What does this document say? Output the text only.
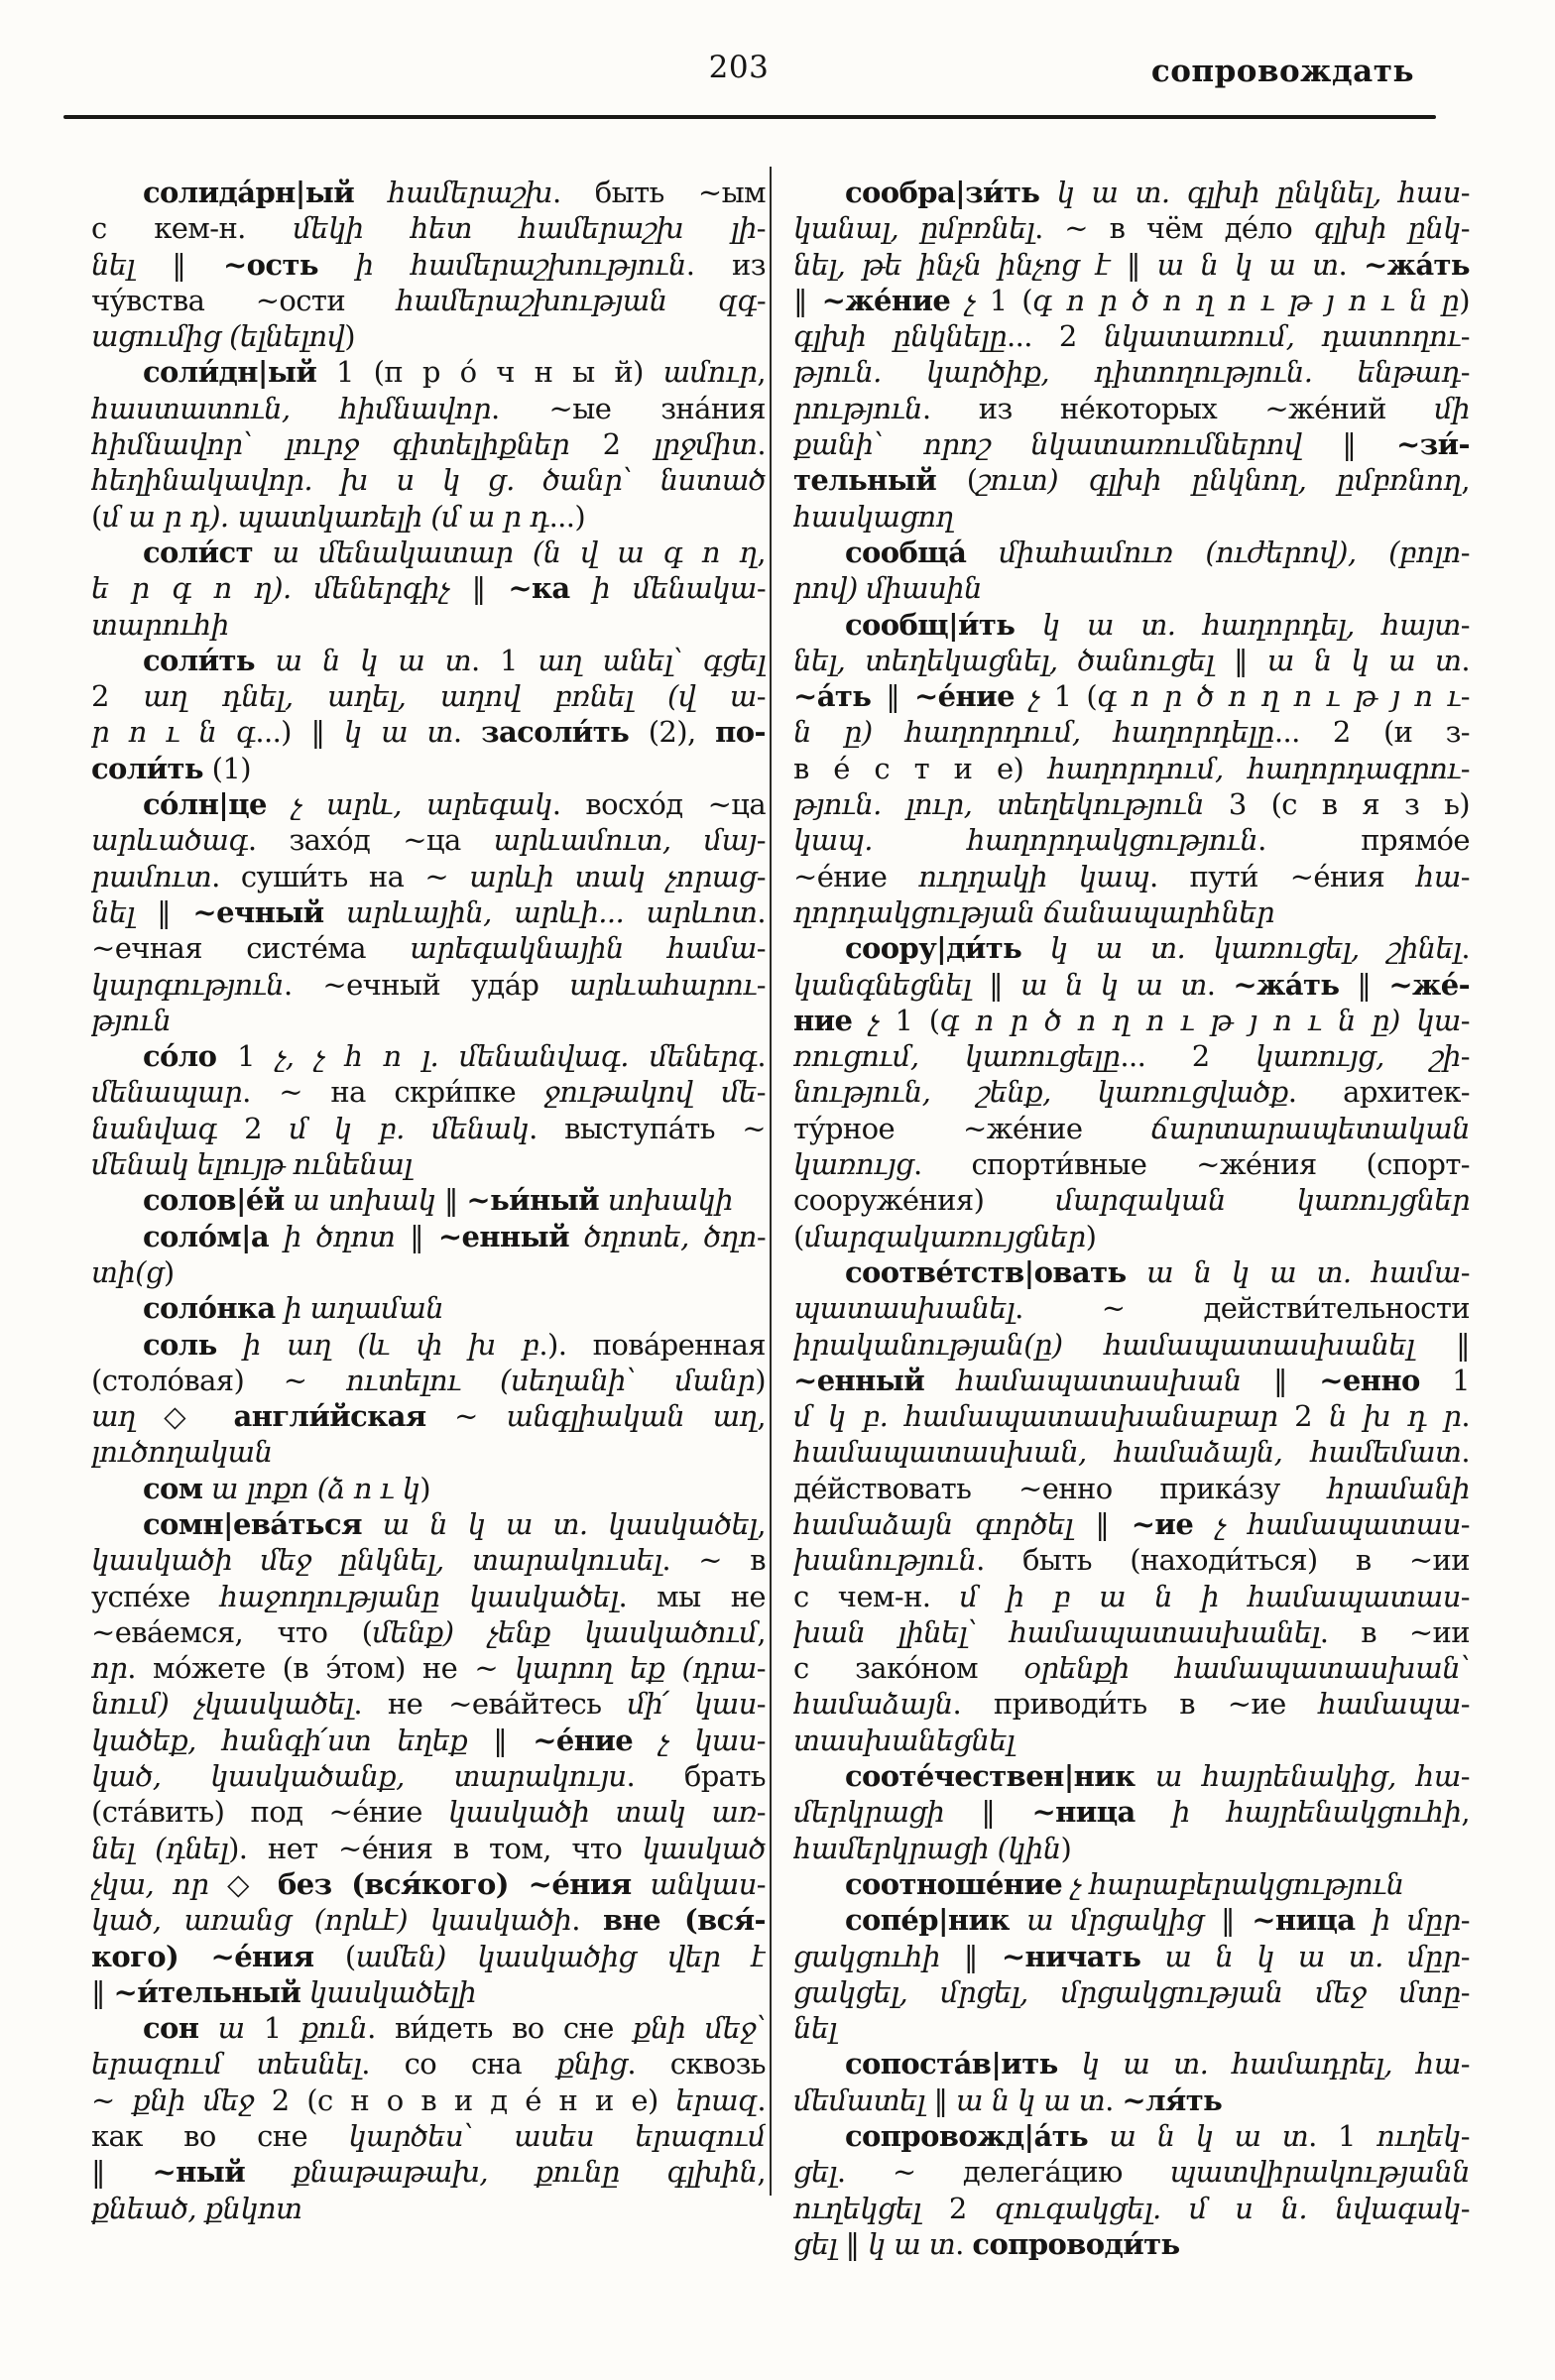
203	сопровождать
солида́рн|ый համերաշխ. быть ~ым
с кем-н. մեկի հետ համերաշխ լի-
նել ‖ ~ость ի համերաշխություն. из
чу́вства ~ости համերաշխության զգ-
ացումից (ելնելով)
соли́дн|ый 1 (п р о́ ч н ы й) ամուր,
հաստատուն, հիմնավոր. ~ые зна́ния
հիմնավոր՝ լուրջ գիտելիքներ 2 լրջմիտ.
հեղինակավոր. խ ս կ ց. ծանր՝ նստած
(մ ա ր դ). պատկառելի (մ ա ր դ...)
соли́ст ա մենակատար (ն վ ա գ ո ղ,
ե ր գ ո ղ). մեներգիչ ‖ ~ка ի մենակա-
տարուհի
соли́ть ա ն կ ա տ. 1 աղ անել՝ գցել
2 աղ դնել, աղել, աղով բռնել (վ ա-
ր ո ւ ն գ...) ‖ կ ա տ. засоли́ть (2), по-
соли́ть (1)
со́лн|це չ արև, արեգակ. восхо́д ~ца
արևածագ. захо́д ~ца արևամուտ, մայ-
րամուտ. суши́ть на ~ արևի տակ չորաց-
նել ‖ ~ечный արևային, արևի... արևոտ.
~ечная систе́ма արեգակնային համա-
կարգություն. ~ечный уда́р արևահարու-
թյուն
со́ло 1 չ, չ հ ո լ. մենանվագ. մեներգ.
մենապար. ~ на скри́пке ջութակով մե-
նանվագ 2 մ կ բ. մենակ. выступа́ть ~
մենակ ելույթ ունենալ
солов|е́й ա սոխակ ‖ ~ьи́ный սոխակի
соло́м|а ի ծղոտ ‖ ~енный ծղոտե, ծղո-
տի(ց)
соло́нка ի աղաման
соль ի աղ (և փ խ բ.). пова́ренная
(столо́вая) ~ ուտելու (սեղանի՝ մանր)
աղ ◇ англи́йская ~ անգլիական աղ,
լուծողական
сом ա լոքո (ձ ո ւ կ)
сомн|ева́ться ա ն կ ա տ. կասկածել,
կասկածի մեջ ընկնել, տարակուսել. ~ в
успе́хе հաջողությանը կասկածել. мы не
~ева́емся, что (մենք) չենք կասկածում,
որ. мо́жете (в э́том) не ~ կարող եք (դրա-
նում) չկասկածել. не ~ева́йтесь մի՛ կաս-
կածեք, հանգի՛ստ եղեք ‖ ~е́ние չ կաս-
կած, կասկածանք, տարակույս. брать
(ста́вить) под ~е́ние կասկածի տակ առ-
նել (դնել). нет ~е́ния в том, что կասկած
չկա, որ ◇ без (вся́кого) ~е́ния անկաս-
կած, առանց (որևէ) կասկածի. вне (вся́-
кого) ~е́ния (ամեն) կասկածից վեր է
‖ ~и́тельный կասկածելի
сон ա 1 քուն. ви́деть во сне քնի մեջ՝
երազում տեսնել. со сна քնից. сквозь
~ քնի մեջ 2 (с н о в и д е́ н и е) երազ.
как во сне կարծես՝ ասես երազում
‖ ~ный քնաթաթախ, քունը գլխին,
քնեած, քնկոտ
сообра|зи́ть կ ա տ. գլխի ընկնել, հաս-
կանալ, ըմբռնել. ~ в чём де́ло գլխի ընկ-
նել, թե ինչն ինչոց է ‖ ա ն կ ա տ. ~жа́ть
‖ ~же́ние չ 1 (գ ո ր ծ ո ղ ո ւ թ յ ո ւ ն ը)
գլխի ընկնելը... 2 նկատառում, դատողու-
թյուն. կարծիք, դիտողություն. ենթադ-
րություն. из не́которых ~же́ний մի
քանի՝ որոշ նկատառումներով ‖ ~зи́-
тельный (շուտ) գլխի ընկնող, ըմբռնող,
հասկացող
сообща́ միահամուռ (ուժերով), (բոլո-
րով) միասին
сообщ|и́ть կ ա տ. հաղորդել, հայտ-
նել, տեղեկացնել, ծանուցել ‖ ա ն կ ա տ.
~а́ть ‖ ~е́ние չ 1 (գ ո ր ծ ո ղ ո ւ թ յ ո ւ-
ն ը) հաղորդում, հաղորդելը... 2 (и з-
в е́ с т и е) հաղորդում, հաղորդագրու-
թյուն. լուր, տեղեկություն 3 (с в я з ь)
կապ. հաղորդակցություն. прямо́е
~е́ние ուղղակի կապ. пути́ ~е́ния հա-
ղորդակցության ճանապարհներ
соору|ди́ть կ ա տ. կառուցել, շինել.
կանգնեցնել ‖ ա ն կ ա տ. ~жа́ть ‖ ~же́-
ние չ 1 (գ ո ր ծ ո ղ ո ւ թ յ ո ւ ն ը) կա-
ռուցում, կառուցելը... 2 կառույց, շի-
նություն, շենք, կառուցվածք. архитек-
ту́рное ~же́ние ճարտարապետական
կառույց. спорти́вные ~же́ния (спорт-
сооруже́ния) մարզական կառույցներ
(մարզակառույցներ)
соотве́тств|овать ա ն կ ա տ. համա-
պատասխանել. ~ действи́тельности
իրականության(ը) համապատասխանել ‖
~енный համապատասխան ‖ ~енно 1
մ կ բ. համապատասխանաբար 2 ն խ դ ր.
համապատասխան, համաձայն, համեմատ.
де́йствовать ~енно прика́зу հրամանի
համաձայն գործել ‖ ~ие չ համապատաս-
խանություն. быть (находи́ться) в ~ии
с чем-н. մ ի բ ա ն ի համապատաս-
խան լինել՝ համապատասխանել. в ~ии
с зако́ном օրենքի համապատասխան՝
համաձայն. приводи́ть в ~ие համապա-
տասխանեցնել
сооте́чествен|ник ա հայրենակից, հա-
մերկրացի ‖ ~ница ի հայրենակցուհի,
համերկրացի (կին)
соотноше́ние չ հարաբերակցություն
сопе́р|ник ա մրցակից ‖ ~ница ի մըր-
ցակցուհի ‖ ~ничать ա ն կ ա տ. մըր-
ցակցել, մրցել, մրցակցության մեջ մտը-
նել
сопоста́в|ить կ ա տ. համադրել, հա-
մեմատել ‖ ա ն կ ա տ. ~ля́ть
сопровожд|а́ть ա ն կ ա տ. 1 ուղեկ-
ցել. ~ делега́цию պատվիրակությանն
ուղեկցել 2 զուգակցել. մ ս ն. նվագակ-
ցել ‖ կ ա տ. сопроводи́ть
